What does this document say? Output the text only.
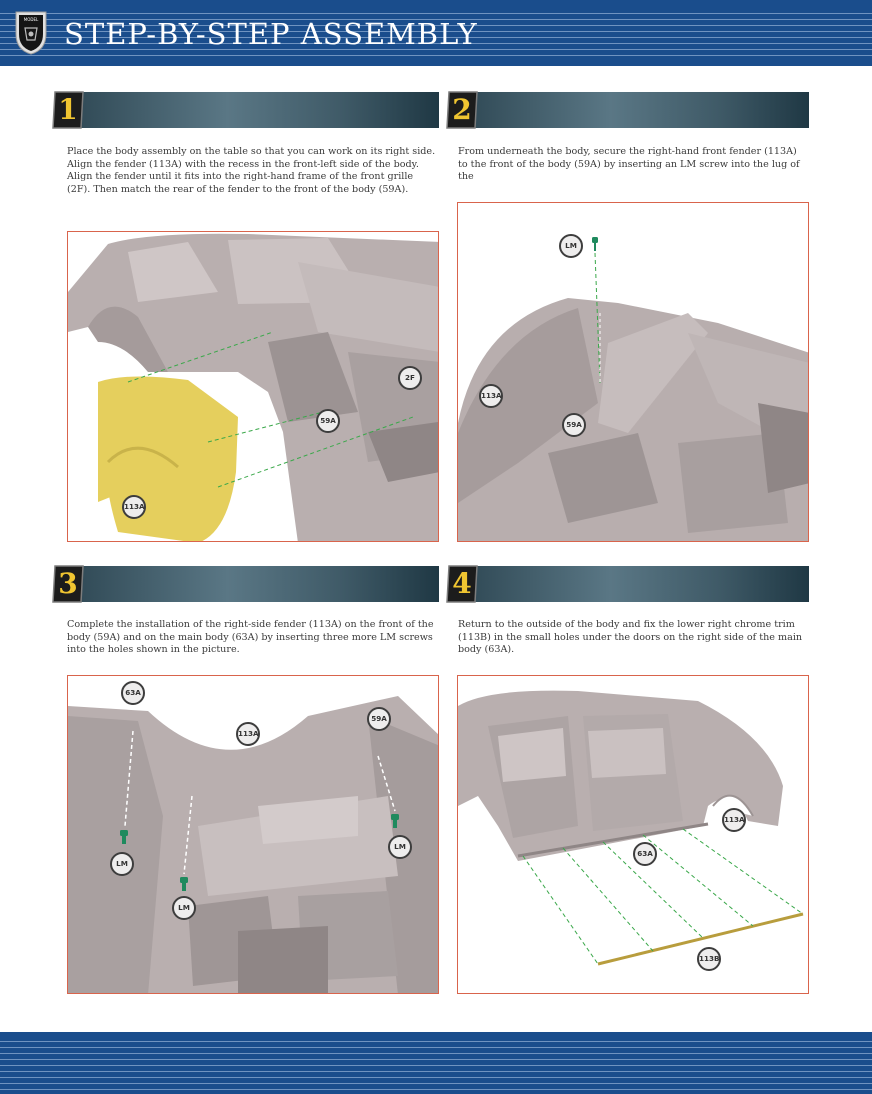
MODEL STEP-BY-STEP ASSEMBLY
1

Place the body assembly on the table so that you can work on its right side. Align the fender (113A) with the recess in the front-left side of the body. Align the fender until it fits into the right-hand frame of the front grille (2F). Then match the rear of the fender to the front of the body (59A).

2F
59A
113A
2

From underneath the body, secure the right-hand front fender (113A) to the front of the body (59A) by inserting an LM screw into the lug of the

LM
113A
59A
3

Complete the installation of the right-side fender (113A) on the front of the body (59A) and on the main body (63A) by inserting three more LM screws into the holes shown in the picture.

63A
113A
59A
LM
LM
LM
4

Return to the outside of the body and fix the lower right chrome trim (113B) in the small holes under the doors on the right side of the main body (63A).

113A
63A
113B
